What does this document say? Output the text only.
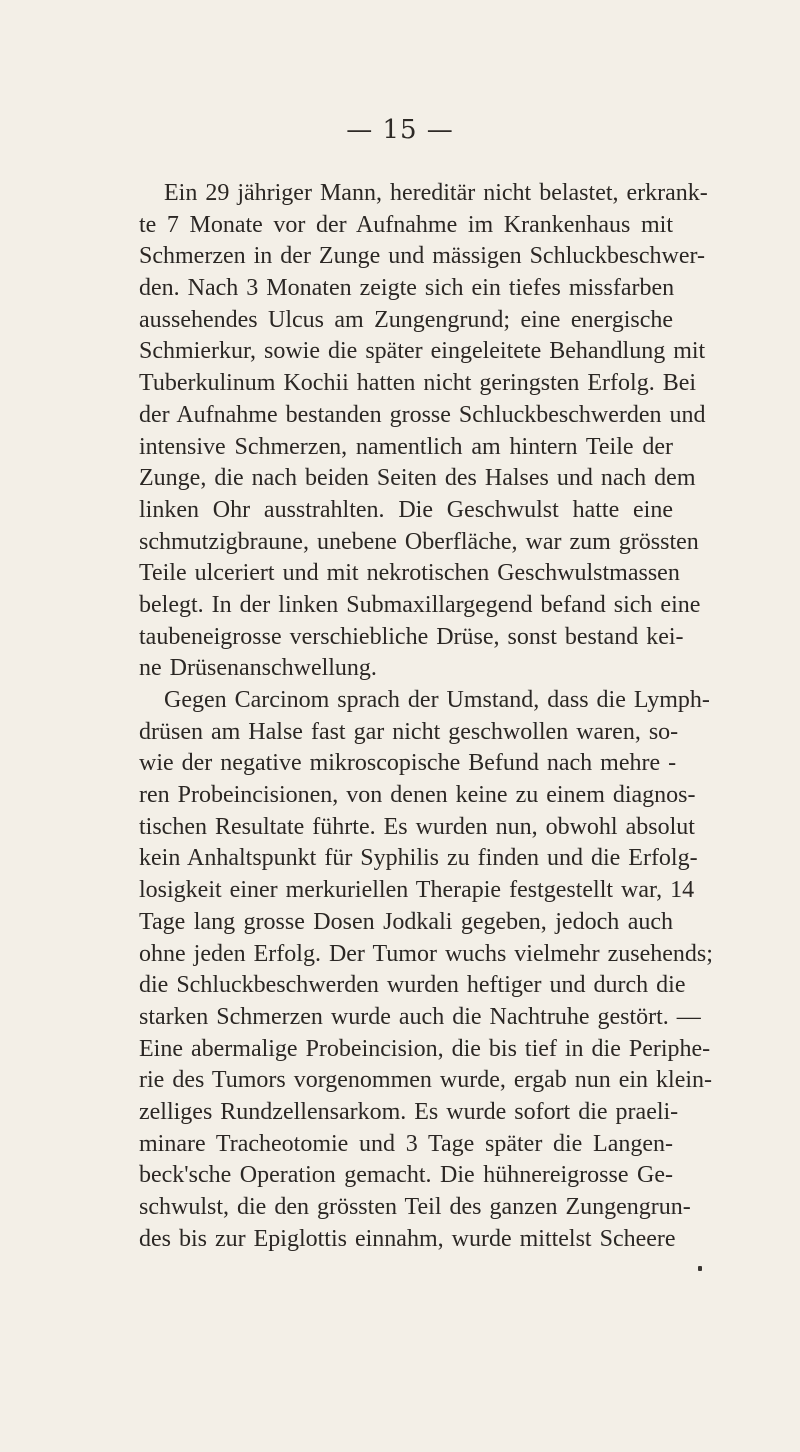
— 15 —
Ein 29 jähriger Mann, hereditär nicht belastet, erkrank-
te 7 Monate vor der Aufnahme im Krankenhaus mit
Schmerzen in der Zunge und mässigen Schluckbeschwer-
den. Nach 3 Monaten zeigte sich ein tiefes missfarben
aussehendes Ulcus am Zungengrund; eine energische
Schmierkur, sowie die später eingeleitete Behandlung mit
Tuberkulinum Kochii hatten nicht geringsten Erfolg. Bei
der Aufnahme bestanden grosse Schluckbeschwerden und
intensive Schmerzen, namentlich am hintern Teile der
Zunge, die nach beiden Seiten des Halses und nach dem
linken Ohr ausstrahlten. Die Geschwulst hatte eine
schmutzigbraune, unebene Oberfläche, war zum grössten
Teile ulceriert und mit nekrotischen Geschwulstmassen
belegt. In der linken Submaxillargegend befand sich eine
taubeneigrosse verschiebliche Drüse, sonst bestand kei-
ne Drüsenanschwellung.
Gegen Carcinom sprach der Umstand, dass die Lymph-
drüsen am Halse fast gar nicht geschwollen waren, so-
wie der negative mikroscopische Befund nach mehre -
ren Probeincisionen, von denen keine zu einem diagnos-
tischen Resultate führte. Es wurden nun, obwohl absolut
kein Anhaltspunkt für Syphilis zu finden und die Erfolg-
losigkeit einer merkuriellen Therapie festgestellt war, 14
Tage lang grosse Dosen Jodkali gegeben, jedoch auch
ohne jeden Erfolg. Der Tumor wuchs vielmehr zusehends;
die Schluckbeschwerden wurden heftiger und durch die
starken Schmerzen wurde auch die Nachtruhe gestört. —
Eine abermalige Probeincision, die bis tief in die Periphe-
rie des Tumors vorgenommen wurde, ergab nun ein klein-
zelliges Rundzellensarkom. Es wurde sofort die praeli-
minare Tracheotomie und 3 Tage später die Langen-
beck'sche Operation gemacht. Die hühnereigrosse Ge-
schwulst, die den grössten Teil des ganzen Zungengrun-
des bis zur Epiglottis einnahm, wurde mittelst Scheere
